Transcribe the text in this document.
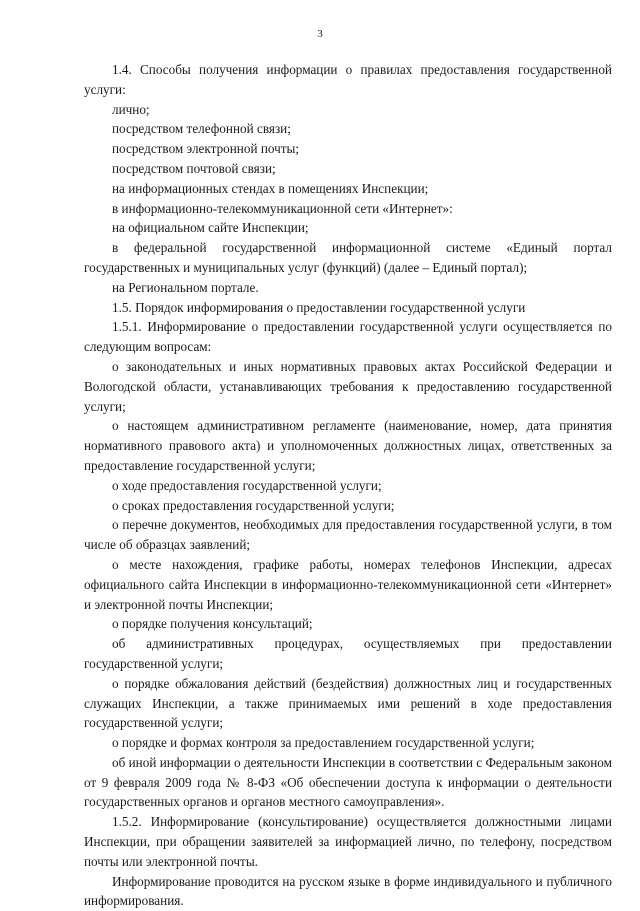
3

1.4. Способы получения информации о правилах предоставления государственной услуги:

лично;

посредством телефонной связи;

посредством электронной почты;

посредством почтовой связи;

на информационных стендах в помещениях Инспекции;

в информационно-телекоммуникационной сети «Интернет»:

на официальном сайте Инспекции;

в федеральной государственной информационной системе «Единый портал государственных и муниципальных услуг (функций) (далее – Единый портал);

на Региональном портале.

1.5. Порядок информирования о предоставлении государственной услуги

1.5.1. Информирование о предоставлении государственной услуги осуществляется по следующим вопросам:

о законодательных и иных нормативных правовых актах Российской Федерации и Вологодской области, устанавливающих требования к предоставлению государственной услуги;

о настоящем административном регламенте (наименование, номер, дата принятия нормативного правового акта) и уполномоченных должностных лицах, ответственных за предоставление государственной услуги;

о ходе предоставления государственной услуги;

о сроках предоставления государственной услуги;

о перечне документов, необходимых для предоставления государственной услуги, в том числе об образцах заявлений;

о месте нахождения, графике работы, номерах телефонов Инспекции, адресах официального сайта Инспекции в информационно-телекоммуникационной сети «Интернет» и электронной почты Инспекции;

о порядке получения консультаций;

об административных процедурах, осуществляемых при предоставлении государственной услуги;

о порядке обжалования действий (бездействия) должностных лиц и государственных служащих Инспекции, а также принимаемых ими решений в ходе предоставления государственной услуги;

о порядке и формах контроля за предоставлением государственной услуги;

об иной информации о деятельности Инспекции в соответствии с Федеральным законом от 9 февраля 2009 года № 8-ФЗ «Об обеспечении доступа к информации о деятельности государственных органов и органов местного самоуправления».

1.5.2. Информирование (консультирование) осуществляется должностными лицами Инспекции, при обращении заявителей за информацией лично, по телефону, посредством почты или электронной почты.

Информирование проводится на русском языке в форме индивидуального и публичного информирования.
